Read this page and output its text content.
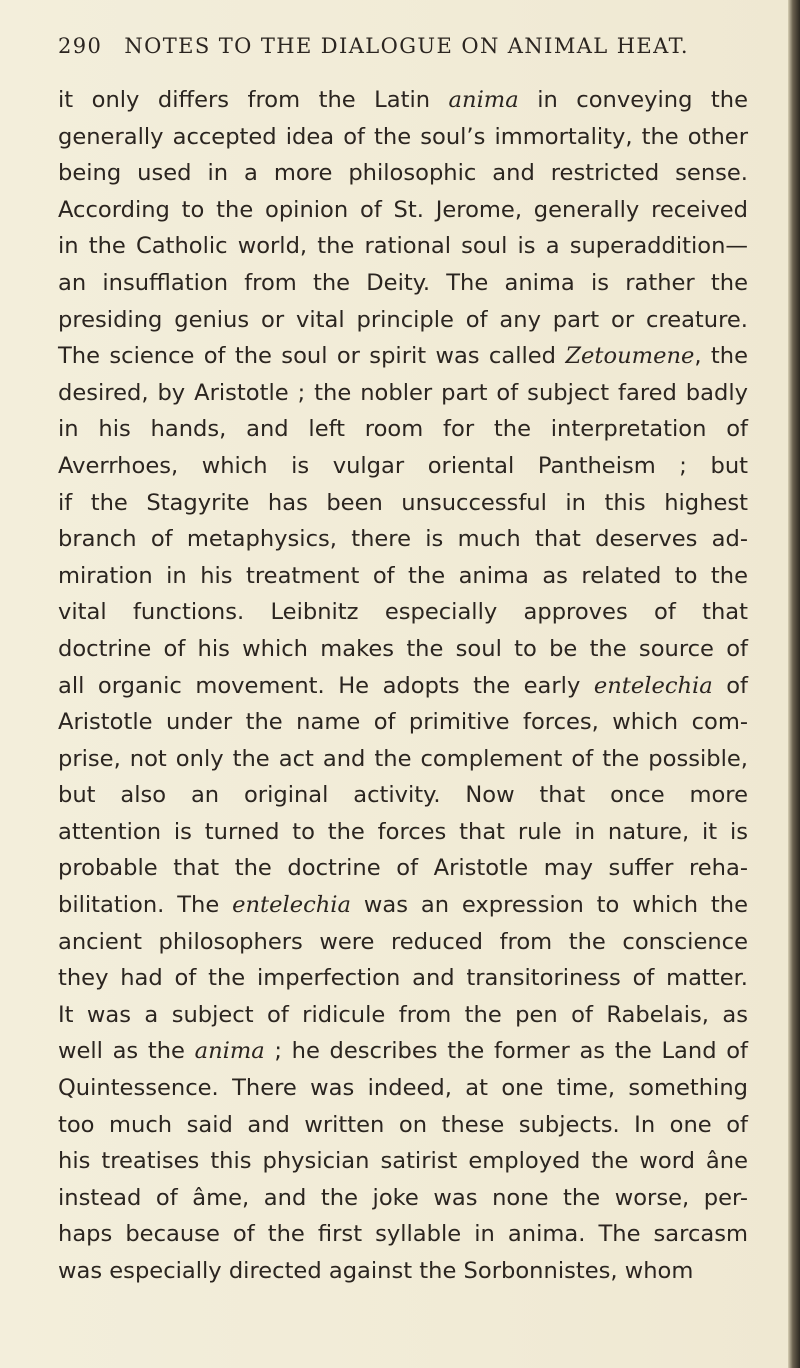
290 NOTES TO THE DIALOGUE ON ANIMAL HEAT.
it only differs from the Latin anima in conveying the
generally accepted idea of the soul’s immortality, the other
being used in a more philosophic and restricted sense.
According to the opinion of St. Jerome, generally received
in the Catholic world, the rational soul is a superaddition—
an insufflation from the Deity. The anima is rather the
presiding genius or vital principle of any part or creature.
The science of the soul or spirit was called Zetoumene, the
desired, by Aristotle ; the nobler part of subject fared badly
in his hands, and left room for the interpretation of
Averrhoes, which is vulgar oriental Pantheism ; but
if the Stagyrite has been unsuccessful in this highest
branch of metaphysics, there is much that deserves ad-
miration in his treatment of the anima as related to the
vital functions. Leibnitz especially approves of that
doctrine of his which makes the soul to be the source of
all organic movement. He adopts the early entelechia of
Aristotle under the name of primitive forces, which com-
prise, not only the act and the complement of the possible,
but also an original activity. Now that once more
attention is turned to the forces that rule in nature, it is
probable that the doctrine of Aristotle may suffer reha-
bilitation. The entelechia was an expression to which the
ancient philosophers were reduced from the conscience
they had of the imperfection and transitoriness of matter.
It was a subject of ridicule from the pen of Rabelais, as
well as the anima ; he describes the former as the Land of
Quintessence. There was indeed, at one time, something
too much said and written on these subjects. In one of
his treatises this physician satirist employed the word âne
instead of âme, and the joke was none the worse, per-
haps because of the first syllable in anima. The sarcasm
was especially directed against the Sorbonnistes, whom
